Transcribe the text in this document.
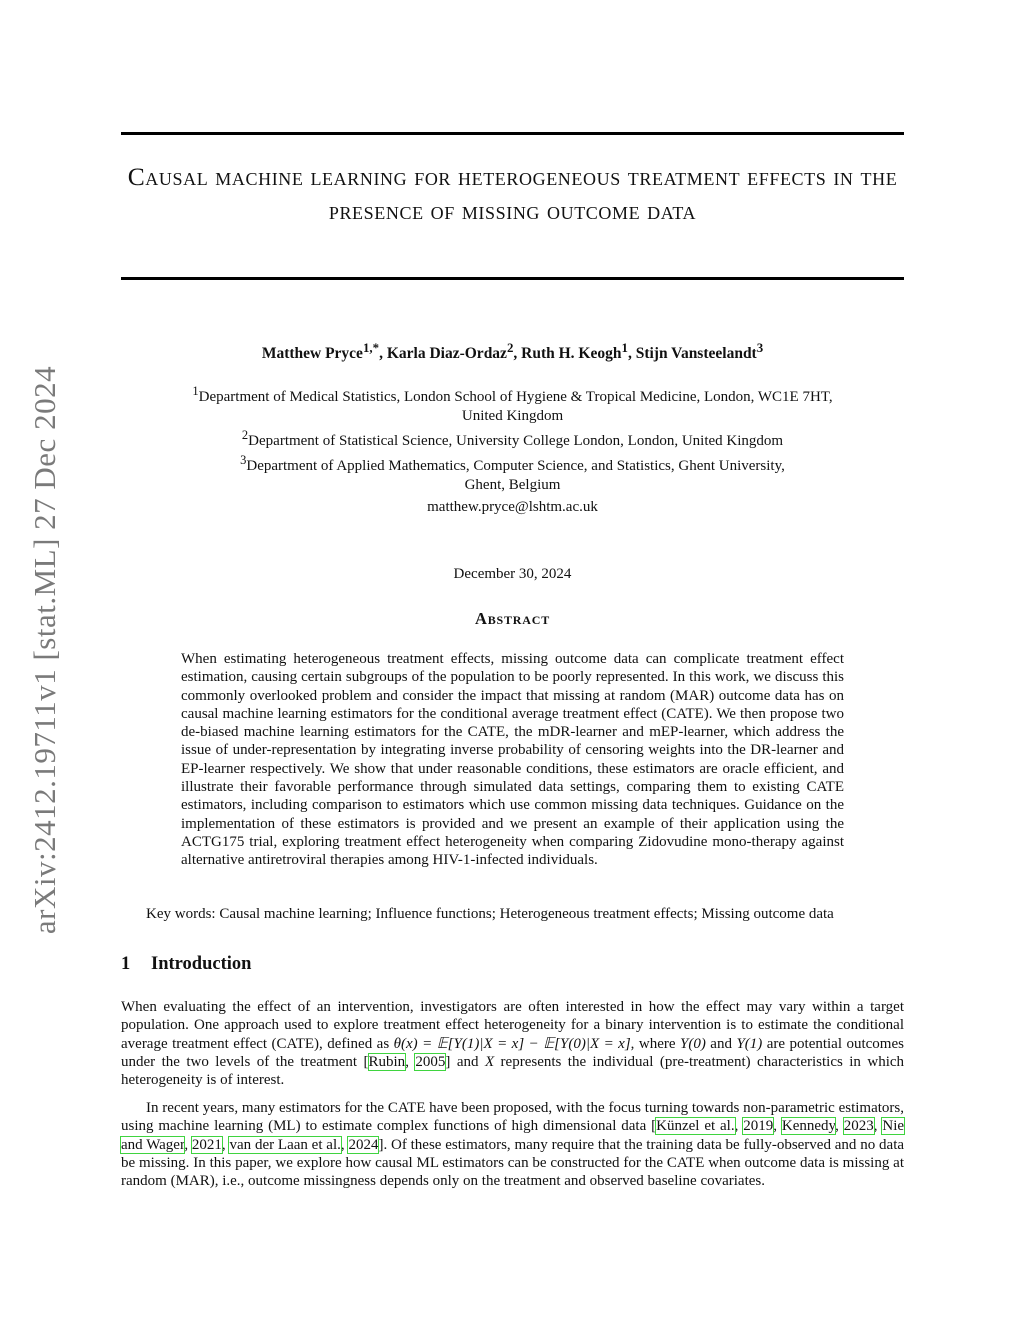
arXiv:2412.19711v1 [stat.ML] 27 Dec 2024
Causal machine learning for heterogeneous treatment effects in the presence of missing outcome data
Matthew Pryce$^{1,*}$, Karla Diaz-Ordaz$^2$, Ruth H. Keogh$^1$, Stijn Vansteelandt$^3$

$^1$Department of Medical Statistics, London School of Hygiene & Tropical Medicine, London, WC1E 7HT,

United Kingdom

$^2$Department of Statistical Science, University College London, London, United Kingdom

$^3$Department of Applied Mathematics, Computer Science, and Statistics, Ghent University,

Ghent, Belgium

matthew.pryce@lshtm.ac.uk
December 30, 2024
Abstract

When estimating heterogeneous treatment effects, missing outcome data can complicate treatment effect estimation, causing certain subgroups of the population to be poorly represented. In this work, we discuss this commonly overlooked problem and consider the impact that missing at random (MAR) outcome data has on causal machine learning estimators for the conditional average treatment effect (CATE). We then propose two de-biased machine learning estimators for the CATE, the mDR-learner and mEP-learner, which address the issue of under-representation by integrating inverse probability of censoring weights into the DR-learner and EP-learner respectively. We show that under reasonable conditions, these estimators are oracle efficient, and illustrate their favorable performance through simulated data settings, comparing them to existing CATE estimators, including comparison to estimators which use common missing data techniques. Guidance on the implementation of these estimators is provided and we present an example of their application using the ACTG175 trial, exploring treatment effect heterogeneity when comparing Zidovudine mono-therapy against alternative antiretroviral therapies among HIV-1-infected individuals.

Key words: Causal machine learning; Influence functions; Heterogeneous treatment effects; Missing outcome data
1 Introduction

When evaluating the effect of an intervention, investigators are often interested in how the effect may vary within a target population. One approach used to explore treatment effect heterogeneity for a binary intervention is to estimate the conditional average treatment effect (CATE), defined as θ(x) = 𝔼[Y(1)|X = x] − 𝔼[Y(0)|X = x], where Y(0) and Y(1) are potential outcomes under the two levels of the treatment [Rubin, 2005] and X represents the individual (pre-treatment) characteristics in which heterogeneity is of interest.

In recent years, many estimators for the CATE have been proposed, with the focus turning towards non-parametric estimators, using machine learning (ML) to estimate complex functions of high dimensional data [Künzel et al., 2019, Kennedy, 2023, Nie and Wager, 2021, van der Laan et al., 2024]. Of these estimators, many require that the training data be fully-observed and no data be missing. In this paper, we explore how causal ML estimators can be constructed for the CATE when outcome data is missing at random (MAR), i.e., outcome missingness depends only on the treatment and observed baseline covariates.
